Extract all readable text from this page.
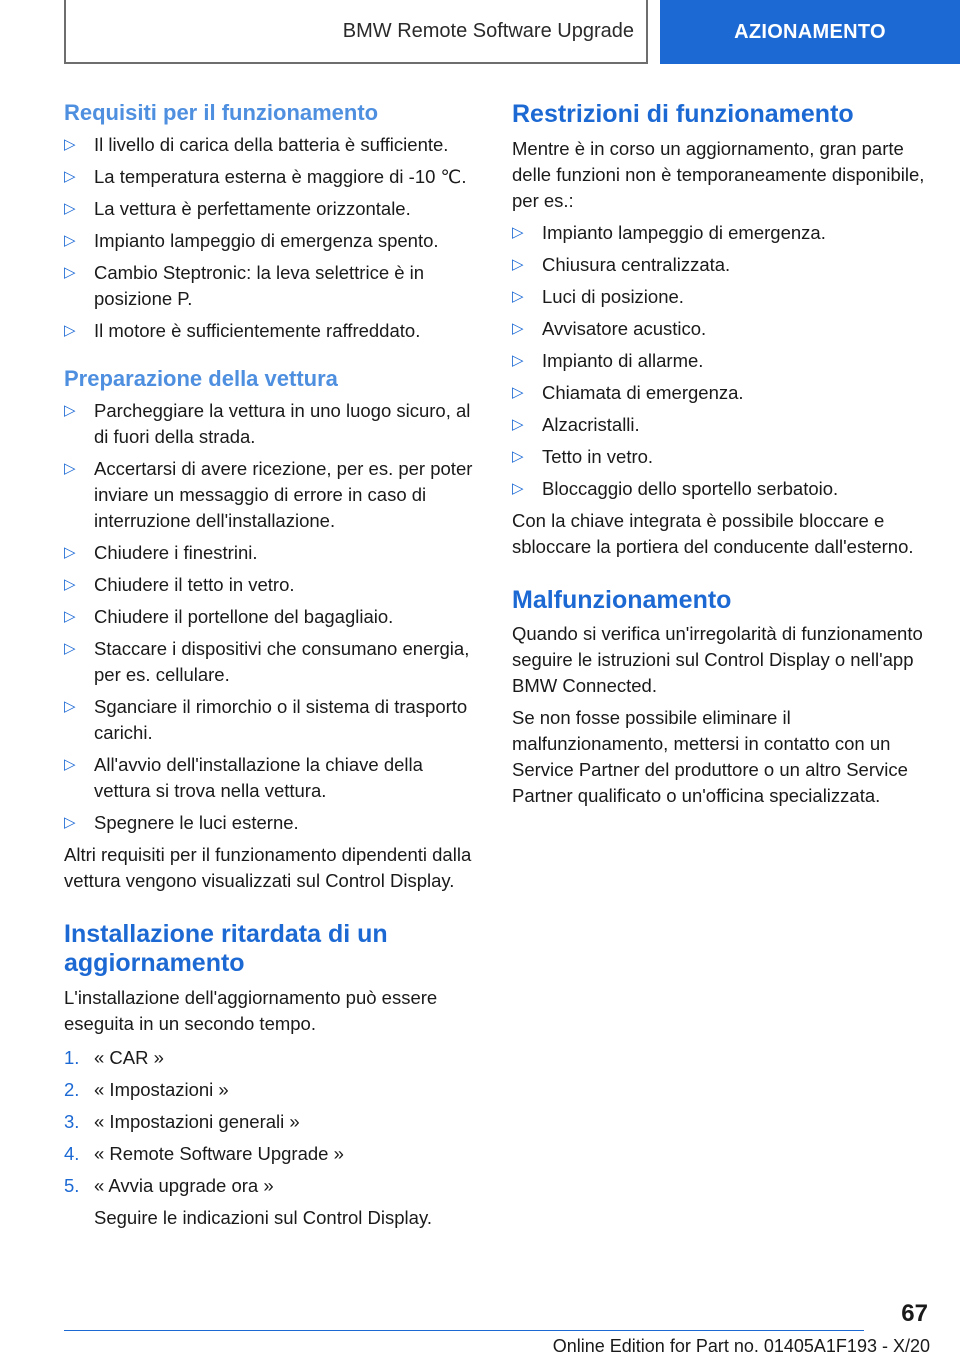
BMW Remote Software Upgrade	AZIONAMENTO
Requisiti per il funzionamento
▷ Il livello di carica della batteria è sufficiente.
▷ La temperatura esterna è maggiore di -10 ℃.
▷ La vettura è perfettamente orizzontale.
▷ Impianto lampeggio di emergenza spento.
▷ Cambio Steptronic: la leva selettrice è in posizione P.
▷ Il motore è sufficientemente raffreddato.
Preparazione della vettura
▷ Parcheggiare la vettura in uno luogo sicuro, al di fuori della strada.
▷ Accertarsi di avere ricezione, per es. per poter inviare un messaggio di errore in caso di interruzione dell'installazione.
▷ Chiudere i finestrini.
▷ Chiudere il tetto in vetro.
▷ Chiudere il portellone del bagagliaio.
▷ Staccare i dispositivi che consumano energia, per es. cellulare.
▷ Sganciare il rimorchio o il sistema di trasporto carichi.
▷ All'avvio dell'installazione la chiave della vettura si trova nella vettura.
▷ Spegnere le luci esterne.

Altri requisiti per il funzionamento dipendenti dalla vettura vengono visualizzati sul Control Display.

Installazione ritardata di un aggiornamento

L'installazione dell'aggiornamento può essere eseguita in un secondo tempo.

1. « CAR »
2. « Impostazioni »
3. « Impostazioni generali »
4. « Remote Software Upgrade »
5. « Avvia upgrade ora »

Seguire le indicazioni sul Control Display.

Restrizioni di funzionamento

Mentre è in corso un aggiornamento, gran parte delle funzioni non è temporaneamente disponibile, per es.:

▷ Impianto lampeggio di emergenza.
▷ Chiusura centralizzata.
▷ Luci di posizione.
▷ Avvisatore acustico.
▷ Impianto di allarme.
▷ Chiamata di emergenza.
▷ Alzacristalli.
▷ Tetto in vetro.
▷ Bloccaggio dello sportello serbatoio.

Con la chiave integrata è possibile bloccare e sbloccare la portiera del conducente dall'esterno.

Malfunzionamento

Quando si verifica un'irregolarità di funzionamento seguire le istruzioni sul Control Display o nell'app BMW Connected.

Se non fosse possibile eliminare il malfunzionamento, mettersi in contatto con un Service Partner del produttore o un altro Service Partner qualificato o un'officina specializzata.

67
Online Edition for Part no. 01405A1F193 - X/20
